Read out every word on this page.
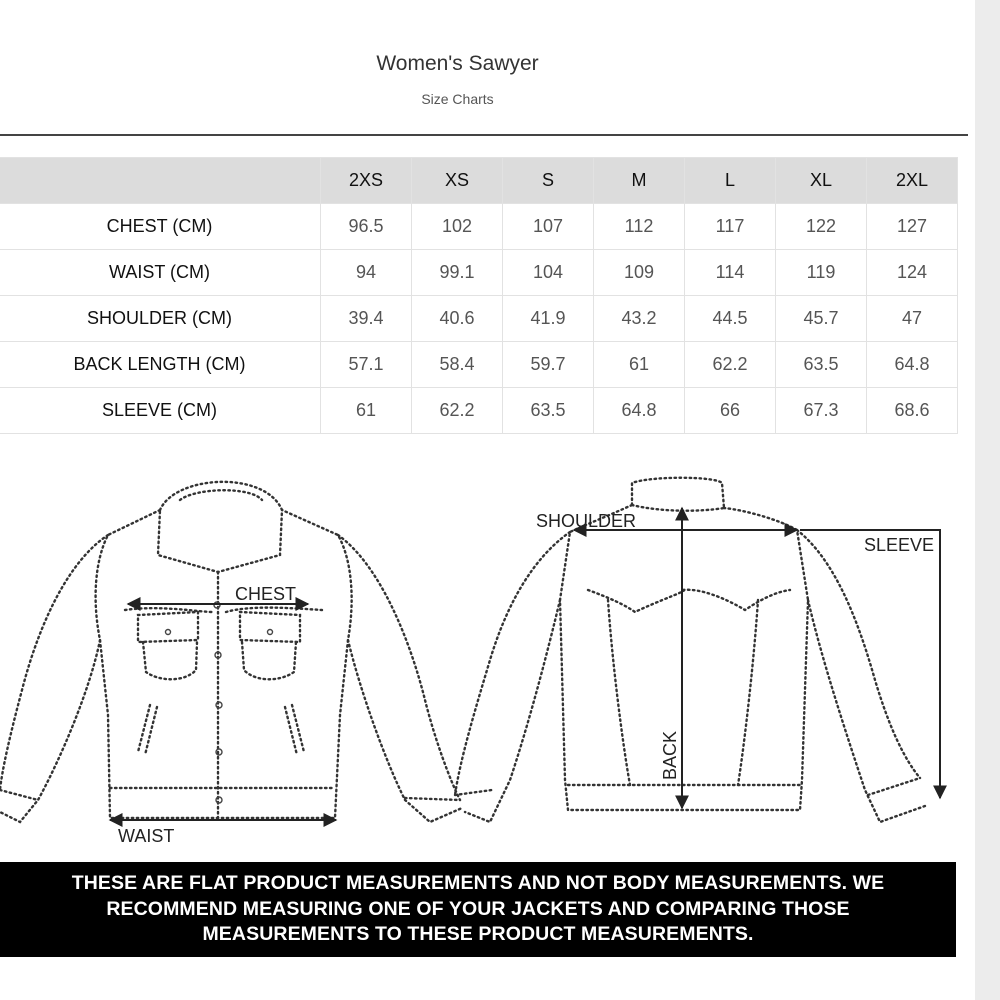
Women's Sawyer
Size Charts
	2XS	XS	S	M	L	XL	2XL
CHEST (CM)	96.5	102	107	112	117	122	127
WAIST (CM)	94	99.1	104	109	114	119	124
SHOULDER (CM)	39.4	40.6	41.9	43.2	44.5	45.7	47
BACK LENGTH (CM)	57.1	58.4	59.7	61	62.2	63.5	64.8
SLEEVE (CM)	61	62.2	63.5	64.8	66	67.3	68.6
CHEST
WAIST
SHOULDER
SLEEVE
BACK
THESE ARE FLAT PRODUCT MEASUREMENTS AND NOT BODY MEASUREMENTS. WE RECOMMEND MEASURING ONE OF YOUR JACKETS AND COMPARING THOSE MEASUREMENTS TO THESE PRODUCT MEASUREMENTS.
